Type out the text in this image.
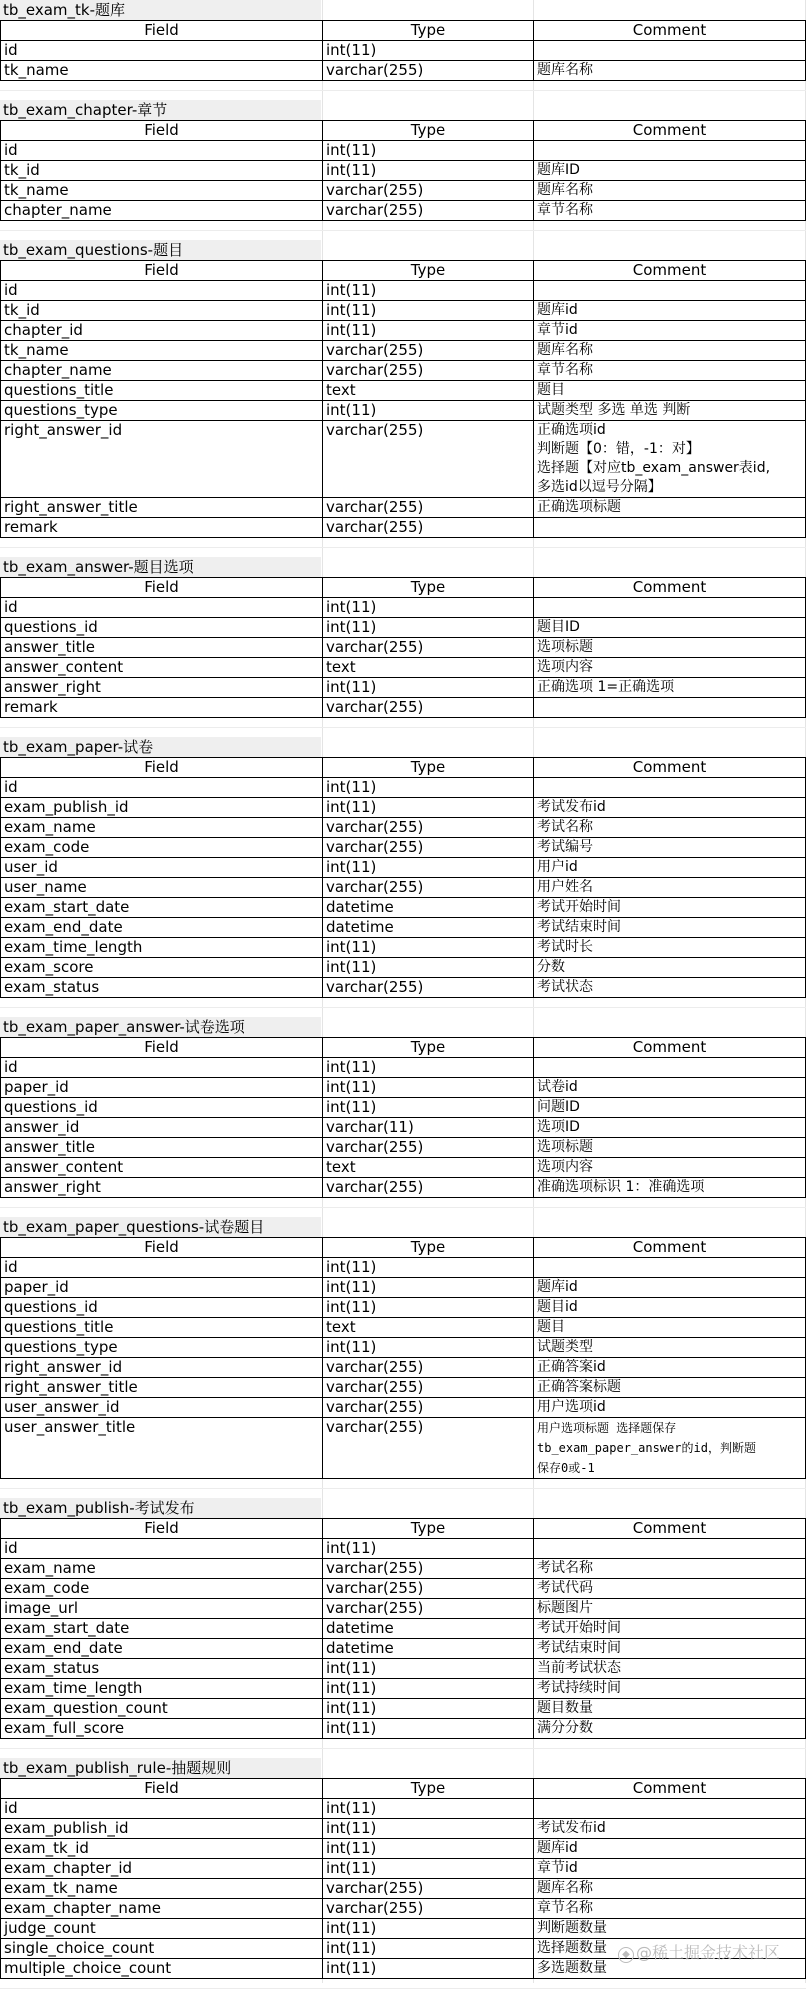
tb_exam_tk-题库
Field	Type	Comment
id	int(11)	
tk_name	varchar(255)	题库名称
tb_exam_chapter-章节
Field	Type	Comment
id	int(11)	
tk_id	int(11)	题库ID
tk_name	varchar(255)	题库名称
chapter_name	varchar(255)	章节名称
tb_exam_questions-题目
Field	Type	Comment
id	int(11)	
tk_id	int(11)	题库id
chapter_id	int(11)	章节id
tk_name	varchar(255)	题库名称
chapter_name	varchar(255)	章节名称
questions_title	text	题目
questions_type	int(11)	试题类型 多选 单选 判断
right_answer_id	varchar(255)	正确选项id
判断题【0：错，-1：对】
选择题【对应tb_exam_answer表id,
多选id以逗号分隔】
right_answer_title	varchar(255)	正确选项标题
remark	varchar(255)	
tb_exam_answer-题目选项
Field	Type	Comment
id	int(11)	
questions_id	int(11)	题目ID
answer_title	varchar(255)	选项标题
answer_content	text	选项内容
answer_right	int(11)	正确选项 1=正确选项
remark	varchar(255)	
tb_exam_paper-试卷
Field	Type	Comment
id	int(11)	
exam_publish_id	int(11)	考试发布id
exam_name	varchar(255)	考试名称
exam_code	varchar(255)	考试编号
user_id	int(11)	用户id
user_name	varchar(255)	用户姓名
exam_start_date	datetime	考试开始时间
exam_end_date	datetime	考试结束时间
exam_time_length	int(11)	考试时长
exam_score	int(11)	分数
exam_status	varchar(255)	考试状态
tb_exam_paper_answer-试卷选项
Field	Type	Comment
id	int(11)	
paper_id	int(11)	试卷id
questions_id	int(11)	问题ID
answer_id	varchar(11)	选项ID
answer_title	varchar(255)	选项标题
answer_content	text	选项内容
answer_right	varchar(255)	准确选项标识 1：准确选项
tb_exam_paper_questions-试卷题目
Field	Type	Comment
id	int(11)	
paper_id	int(11)	题库id
questions_id	int(11)	题目id
questions_title	text	题目
questions_type	int(11)	试题类型
right_answer_id	varchar(255)	正确答案id
right_answer_title	varchar(255)	正确答案标题
user_answer_id	varchar(255)	用户选项id
user_answer_title	varchar(255)	用户选项标题 选择题保存
tb_exam_paper_answer的id，判断题
保存0或-1
tb_exam_publish-考试发布
Field	Type	Comment
id	int(11)	
exam_name	varchar(255)	考试名称
exam_code	varchar(255)	考试代码
image_url	varchar(255)	标题图片
exam_start_date	datetime	考试开始时间
exam_end_date	datetime	考试结束时间
exam_status	int(11)	当前考试状态
exam_time_length	int(11)	考试持续时间
exam_question_count	int(11)	题目数量
exam_full_score	int(11)	满分分数
tb_exam_publish_rule-抽题规则
Field	Type	Comment
id	int(11)	
exam_publish_id	int(11)	考试发布id
exam_tk_id	int(11)	题库id
exam_chapter_id	int(11)	章节id
exam_tk_name	varchar(255)	题库名称
exam_chapter_name	varchar(255)	章节名称
judge_count	int(11)	判断题数量
single_choice_count	int(11)	选择题数量
multiple_choice_count	int(11)	多选题数量
◆ @稀土掘金技术社区
